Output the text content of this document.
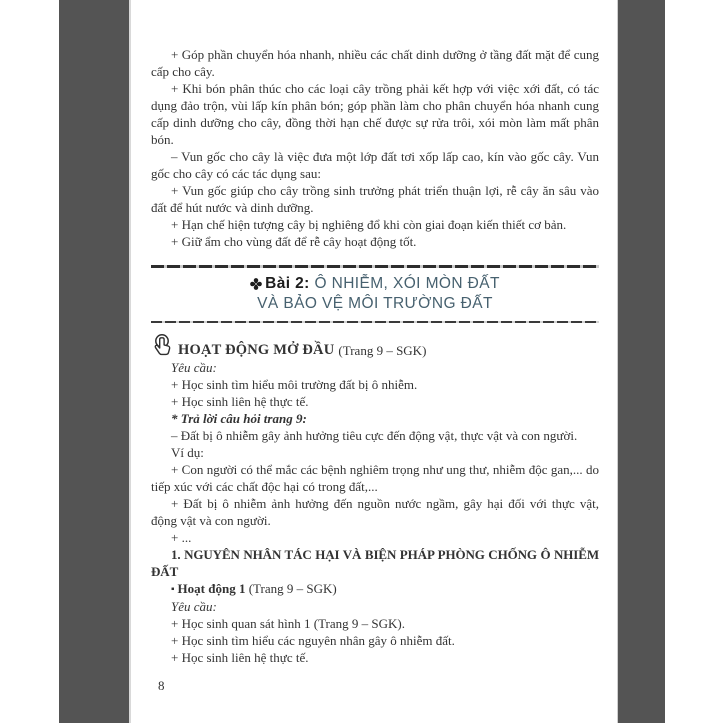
+ Góp phần chuyển hóa nhanh, nhiều các chất dinh dưỡng ở tầng đất mặt để cung cấp cho cây.

+ Khi bón phân thúc cho các loại cây trồng phải kết hợp với việc xới đất, có tác dụng đảo trộn, vùi lấp kín phân bón; góp phần làm cho phân chuyển hóa nhanh cung cấp dinh dưỡng cho cây, đồng thời hạn chế được sự rửa trôi, xói mòn làm mất phân bón.

– Vun gốc cho cây là việc đưa một lớp đất tơi xốp lấp cao, kín vào gốc cây. Vun gốc cho cây có các tác dụng sau:

+ Vun gốc giúp cho cây trồng sinh trưởng phát triển thuận lợi, rễ cây ăn sâu vào đất để hút nước và dinh dưỡng.

+ Hạn chế hiện tượng cây bị nghiêng đổ khi còn giai đoạn kiến thiết cơ bản.

+ Giữ ẩm cho vùng đất để rễ cây hoạt động tốt.

Bài 2: Ô NHIỄM, XÓI MÒN ĐẤT
VÀ BẢO VỆ MÔI TRƯỜNG ĐẤT
HOẠT ĐỘNG MỞ ĐẦU
(Trang 9 – SGK)

Yêu cầu:

+ Học sinh tìm hiểu môi trường đất bị ô nhiễm.

+ Học sinh liên hệ thực tế.

* Trả lời câu hỏi trang 9:

– Đất bị ô nhiễm gây ảnh hưởng tiêu cực đến động vật, thực vật và con người.

Ví dụ:

+ Con người có thể mắc các bệnh nghiêm trọng như ung thư, nhiễm độc gan,... do tiếp xúc với các chất độc hại có trong đất,...

+ Đất bị ô nhiễm ảnh hưởng đến nguồn nước ngầm, gây hại đối với thực vật, động vật và con người.

+ ...

1. NGUYÊN NHÂN TÁC HẠI VÀ BIỆN PHÁP PHÒNG CHỐNG Ô NHIỄM ĐẤT

▪ Hoạt động 1 (Trang 9 – SGK)

Yêu cầu:

+ Học sinh quan sát hình 1 (Trang 9 – SGK).

+ Học sinh tìm hiểu các nguyên nhân gây ô nhiễm đất.

+ Học sinh liên hệ thực tế.

8
